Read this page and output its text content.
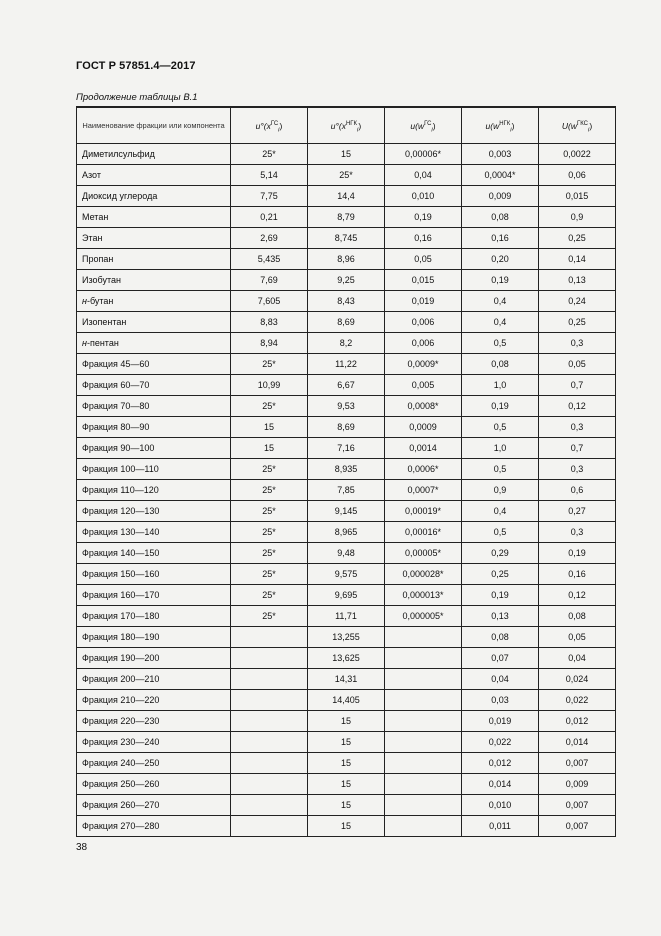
ГОСТ Р 57851.4—2017
Продолжение таблицы В.1
Наименование фракции или компонента	$u^\circ(x^{ГС}_i)$	$u^\circ(x^{НГК}_i)$	$u(w^{ГС}_i)$	$u(w^{НГК}_i)$	$U(w^{ГКС}_i)$
Диметилсульфид	25*	15	0,00006*	0,003	0,0022
Азот	5,14	25*	0,04	0,0004*	0,06
Диоксид углерода	7,75	14,4	0,010	0,009	0,015
Метан	0,21	8,79	0,19	0,08	0,9
Этан	2,69	8,745	0,16	0,16	0,25
Пропан	5,435	8,96	0,05	0,20	0,14
Изобутан	7,69	9,25	0,015	0,19	0,13
н-бутан	7,605	8,43	0,019	0,4	0,24
Изопентан	8,83	8,69	0,006	0,4	0,25
н-пентан	8,94	8,2	0,006	0,5	0,3
Фракция 45—60	25*	11,22	0,0009*	0,08	0,05
Фракция 60—70	10,99	6,67	0,005	1,0	0,7
Фракция 70—80	25*	9,53	0,0008*	0,19	0,12
Фракция 80—90	15	8,69	0,0009	0,5	0,3
Фракция 90—100	15	7,16	0,0014	1,0	0,7
Фракция 100—110	25*	8,935	0,0006*	0,5	0,3
Фракция 110—120	25*	7,85	0,0007*	0,9	0,6
Фракция 120—130	25*	9,145	0,00019*	0,4	0,27
Фракция 130—140	25*	8,965	0,00016*	0,5	0,3
Фракция 140—150	25*	9,48	0,00005*	0,29	0,19
Фракция 150—160	25*	9,575	0,000028*	0,25	0,16
Фракция 160—170	25*	9,695	0,000013*	0,19	0,12
Фракция 170—180	25*	11,71	0,000005*	0,13	0,08
Фракция 180—190		13,255		0,08	0,05
Фракция 190—200		13,625		0,07	0,04
Фракция 200—210		14,31		0,04	0,024
Фракция 210—220		14,405		0,03	0,022
Фракция 220—230		15		0,019	0,012
Фракция 230—240		15		0,022	0,014
Фракция 240—250		15		0,012	0,007
Фракция 250—260		15		0,014	0,009
Фракция 260—270		15		0,010	0,007
Фракция 270—280		15		0,011	0,007
38
